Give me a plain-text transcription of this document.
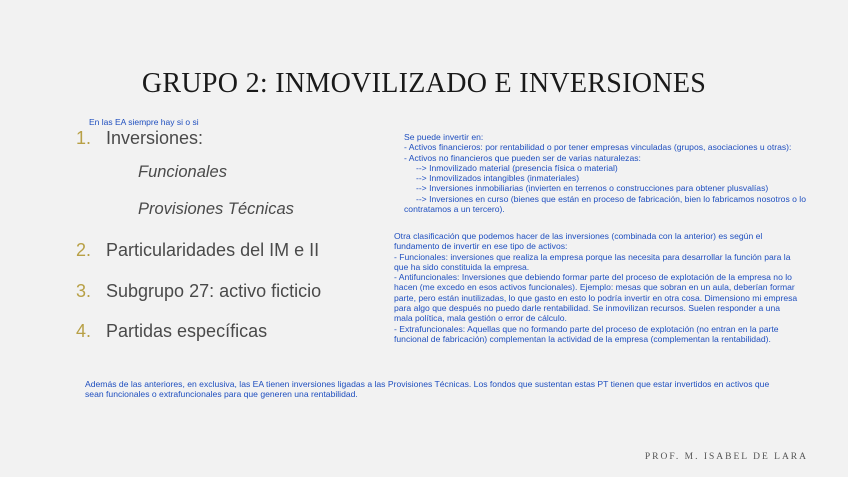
GRUPO 2: INMOVILIZADO E INVERSIONES
En las EA siempre hay si o si
1. Inversiones:
Funcionales
Provisiones Técnicas
2. Particularidades del IM e II
3. Subgrupo 27: activo ficticio
4. Partidas específicas
Se puede invertir en:
- Activos financieros: por rentabilidad o por tener empresas vinculadas (grupos, asociaciones u otras):
- Activos no financieros que pueden ser de varias naturalezas:
--> Inmovilizado material (presencia física o material)
--> Inmovilizados intangibles (inmateriales)
--> Inversiones inmobiliarias (invierten en terrenos o construcciones para obtener plusvalías)
--> Inversiones en curso (bienes que están en proceso de fabricación, bien lo fabricamos nosotros o lo
contratamos a un tercero).
Otra clasificación que podemos hacer de las inversiones (combinada con la anterior) es según el
fundamento de invertir en ese tipo de activos:
- Funcionales: inversiones que realiza la empresa porque las necesita para desarrollar la función para la
que ha sido constituida la empresa.
- Antifuncionales: Inversiones que debiendo formar parte del proceso de explotación de la empresa no lo
hacen (me excedo en esos activos funcionales). Ejemplo: mesas que sobran en un aula, deberían formar
parte, pero están inutilizadas, lo que gasto en esto lo podría invertir en otra cosa. Dimensiono mi empresa
para algo que después no puedo darle rentabilidad. Se inmovilizan recursos. Suelen responder a una
mala política, mala gestión o error de cálculo.
- Extrafuncionales: Aquellas que no formando parte del proceso de explotación (no entran en la parte
funcional de fabricación) complementan la actividad de la empresa (complementan la rentabilidad).
Además de las anteriores, en exclusiva, las EA tienen inversiones ligadas a las Provisiones Técnicas. Los fondos que sustentan estas PT tienen que estar invertidos en activos que
sean funcionales o extrafuncionales para que generen una rentabilidad.
PROF. M. ISABEL DE LARA
